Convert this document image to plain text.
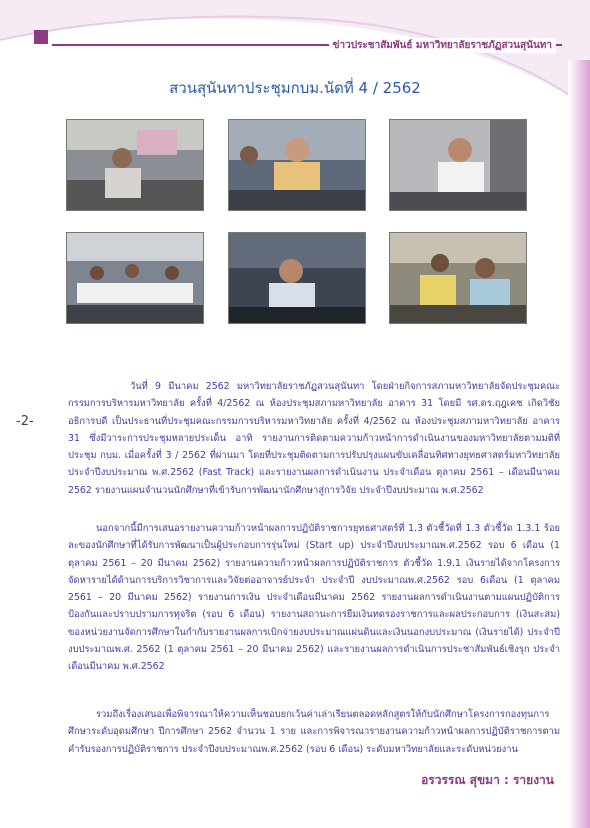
ข่าวประชาสัมพันธ์ มหาวิทยาลัยราชภัฏสวนสุนันทา
สวนสุนันทาประชุมกบม.นัดที่ 4 / 2562
-2-
วันที่ 9 มีนาคม 2562 มหาวิทยาลัยราชภัฏสวนสุนันทา โดยฝ่ายกิจการสภามหาวิทยาลัยจัดประชุมคณะกรรมการบริหารมหาวิทยาลัย ครั้งที่ 4/2562 ณ ห้องประชุมสภามหาวิทยาลัย อาคาร 31 โดยมี รศ.ดร.ฤฎเคช เกิดวิชัย อธิการบดี เป็นประธานที่ประชุมคณะกรรมการบริหารมหาวิทยาลัย ครั้งที่ 4/2562 ณ ห้องประชุมสภามหาวิทยาลัย อาคาร 31 ซึ่งมีวาระการประชุมหลายประเด็น อาทิ รายงานการติดตามความก้าวหน้าการดำเนินงานของมหาวิทยาลัยตามมติที่ประชุม กบม. เมื่อครั้งที่ 3 / 2562 ที่ผ่านมา โดยที่ประชุมติดตามการปรับปรุงแผนขับเคลื่อนทิศทางยุทธศาสตร์มหาวิทยาลัย ประจำปีงบประมาณ พ.ศ.2562 (Fast Track) และรายงานผลการดำเนินงาน ประจำเดือน ตุลาคม 2561 – เดือนมีนาคม 2562 รายงานแผนจำนวนนักศึกษาที่เข้ารับการพัฒนานักศึกษาสู่การวิจัย ประจำปีงบประมาณ พ.ศ.2562
นอกจากนี้มีการเสนอรายงานความก้าวหน้าผลการปฏิบัติราชการยุทธศาสตร์ที่ 1.3 ตัวชี้วัดที่ 1.3 ตัวชี้วัด 1.3.1 ร้อยละของนักศึกษาที่ได้รับการพัฒนาเป็นผู้ประกอบการรุ่นใหม่ (Start up) ประจำปีงบประมาณพ.ศ.2562 รอบ 6 เดือน (1 ตุลาคม 2561 – 20 มีนาคม 2562) รายงานความก้าวหน้าผลการปฏิบัติราชการ ตัวชี้วัด 1.9.1 เงินรายได้จากโครงการจัดหารายได้ด้านการบริการวิชาการและวิจัยต่ออาจารย์ประจำ ประจำปี งบประมาณพ.ศ.2562 รอบ 6เดือน (1 ตุลาคม 2561 – 20 มีนาคม 2562) รายงานการเงิน ประจำเดือนมีนาคม 2562 รายงานผลการดำเนินงานตามแผนปฏิบัติการป้องกันและปราบปรามการทุจริต (รอบ 6 เดือน) รายงานสถานะการยืมเงินทดรองราชการและผลประกอบการ (เงินสะสม) ของหน่วยงานจัดการศึกษาในกำกับรายงานผลการเบิกจ่ายงบประมาณแผ่นดินและเงินนอกงบประมาณ (เงินรายได้) ประจำปี งบประมาณพ.ศ. 2562 (1 ตุลาคม 2561 – 20 มีนาคม 2562) และรายงานผลการดำเนินการประชาสัมพันธ์เชิงรุก ประจำเดือนมีนาคม พ.ศ.2562
รวมถึงเรื่องเสนอเพื่อพิจารณาให้ความเห็นชอบยกเว้นค่าเล่าเรียนตลอดหลักสูตรให้กับนักศึกษาโครงการกองทุนการศึกษาระดับอุดมศึกษา ปีการศึกษา 2562 จำนวน 1 ราย และการพิจารณารายงานความก้าวหน้าผลการปฏิบัติราชการตามคำรับรองการปฏิบัติราชการ ประจำปีงบประมาณพ.ศ.2562 (รอบ 6 เดือน) ระดับมหาวิทยาลัยและระดับหน่วยงาน
อรวรรณ สุขมา : รายงาน
